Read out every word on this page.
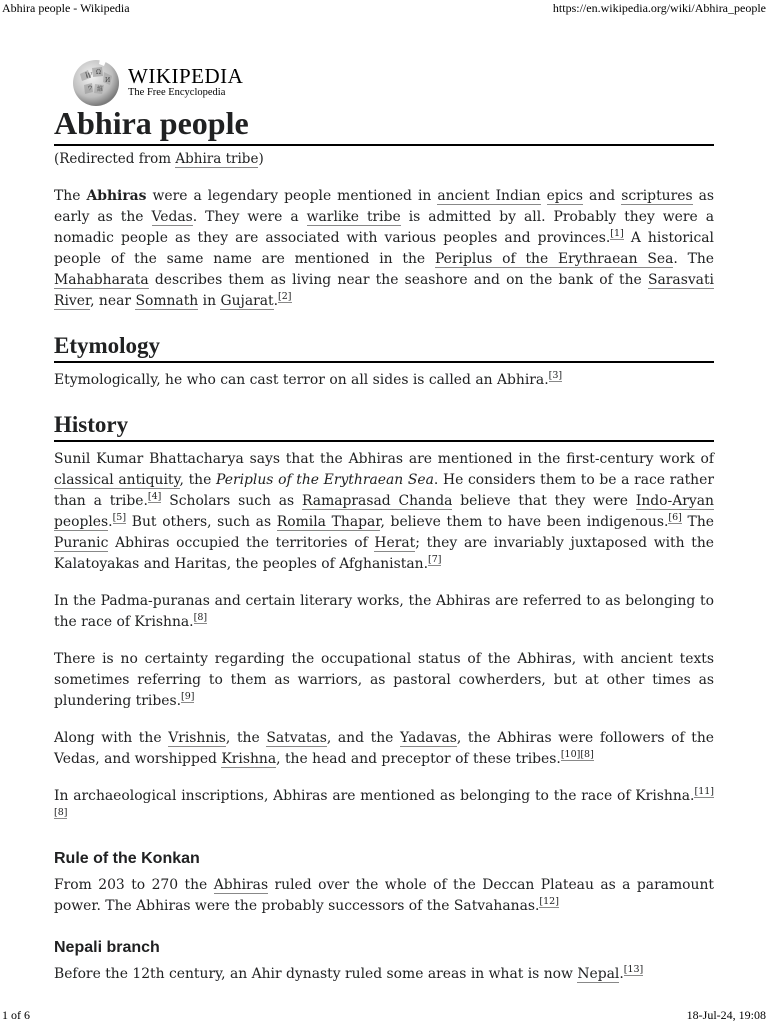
Abhira people - Wikipedia	https://en.wikipedia.org/wiki/Abhira_people
W Ω
И
ウ 維
WIKIPEDIA
The Free Encyclopedia
Abhira people
(Redirected from Abhira tribe)

The Abhiras were a legendary people mentioned in ancient Indian epics and scriptures as early as the Vedas. They were a warlike tribe is admitted by all. Probably they were a nomadic people as they are associated with various peoples and provinces.[1] A historical people of the same name are mentioned in the Periplus of the Erythraean Sea. The Mahabharata describes them as living near the seashore and on the bank of the Sarasvati River, near Somnath in Gujarat.[2]

Etymology

Etymologically, he who can cast terror on all sides is called an Abhira.[3]

History

Sunil Kumar Bhattacharya says that the Abhiras are mentioned in the first-century work of classical antiquity, the Periplus of the Erythraean Sea. He considers them to be a race rather than a tribe.[4] Scholars such as Ramaprasad Chanda believe that they were Indo-Aryan peoples.[5] But others, such as Romila Thapar, believe them to have been indigenous.[6] The Puranic Abhiras occupied the territories of Herat; they are invariably juxtaposed with the Kalatoyakas and Haritas, the peoples of Afghanistan.[7]

In the Padma-puranas and certain literary works, the Abhiras are referred to as belonging to the race of Krishna.[8]

There is no certainty regarding the occupational status of the Abhiras, with ancient texts sometimes referring to them as warriors, as pastoral cowherders, but at other times as plundering tribes.[9]

Along with the Vrishnis, the Satvatas, and the Yadavas, the Abhiras were followers of the Vedas, and worshipped Krishna, the head and preceptor of these tribes.[10][8]

In archaeological inscriptions, Abhiras are mentioned as belonging to the race of Krishna.[11][8]

Rule of the Konkan

From 203 to 270 the Abhiras ruled over the whole of the Deccan Plateau as a paramount power. The Abhiras were the probably successors of the Satvahanas.[12]

Nepali branch

Before the 12th century, an Ahir dynasty ruled some areas in what is now Nepal.[13]

1 of 6	18-Jul-24, 19:08
